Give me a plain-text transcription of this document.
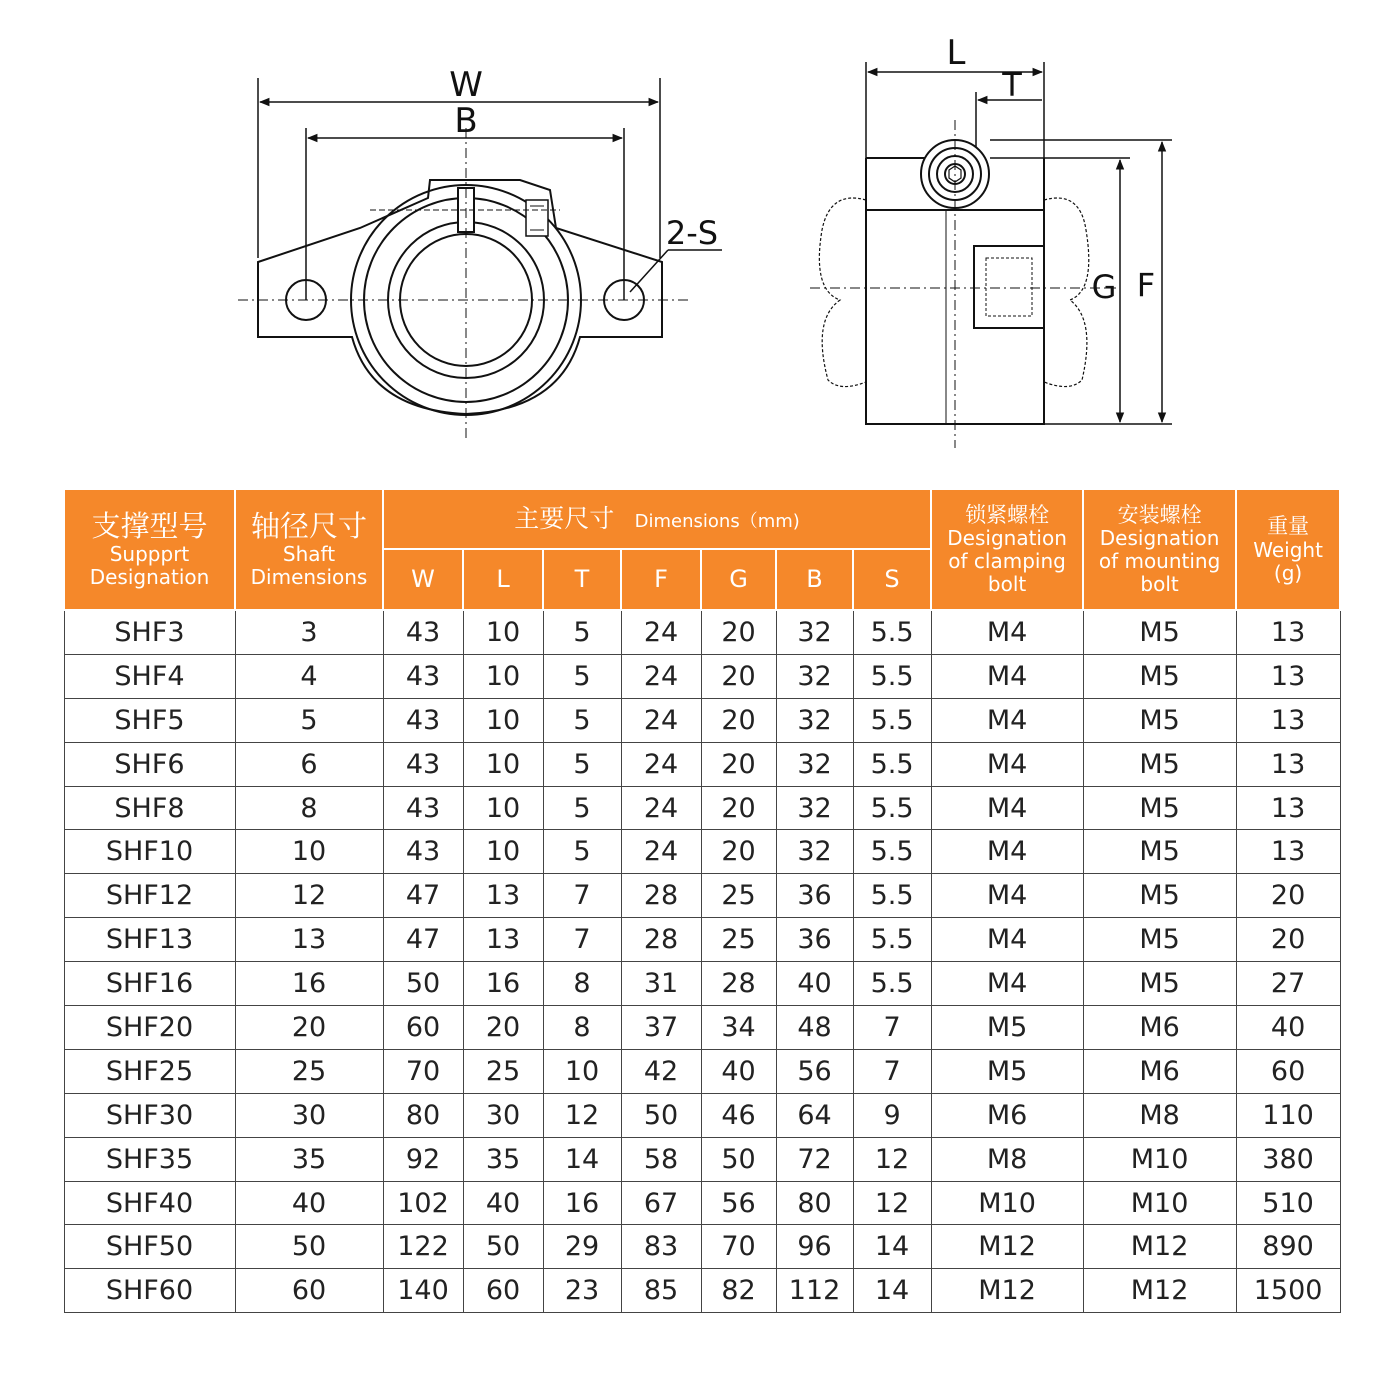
W
B
2-S
L
T
G F
支撑型号
Suppprt
Designation	轴径尺寸
Shaft
Dimensions	主要尺寸 Dimensions（mm)							锁紧螺栓
Designation
of clamping
bolt	安装螺栓
Designation
of mounting
bolt	重量
Weight
(g)

		W	L	T	F	G	B	S			
SHF3	3	43	10	5	24	20	32	5.5	M4	M5	13
SHF4	4	43	10	5	24	20	32	5.5	M4	M5	13
SHF5	5	43	10	5	24	20	32	5.5	M4	M5	13
SHF6	6	43	10	5	24	20	32	5.5	M4	M5	13
SHF8	8	43	10	5	24	20	32	5.5	M4	M5	13
SHF10	10	43	10	5	24	20	32	5.5	M4	M5	13
SHF12	12	47	13	7	28	25	36	5.5	M4	M5	20
SHF13	13	47	13	7	28	25	36	5.5	M4	M5	20
SHF16	16	50	16	8	31	28	40	5.5	M4	M5	27
SHF20	20	60	20	8	37	34	48	7	M5	M6	40
SHF25	25	70	25	10	42	40	56	7	M5	M6	60
SHF30	30	80	30	12	50	46	64	9	M6	M8	110
SHF35	35	92	35	14	58	50	72	12	M8	M10	380
SHF40	40	102	40	16	67	56	80	12	M10	M10	510
SHF50	50	122	50	29	83	70	96	14	M12	M12	890
SHF60	60	140	60	23	85	82	112	14	M12	M12	1500
